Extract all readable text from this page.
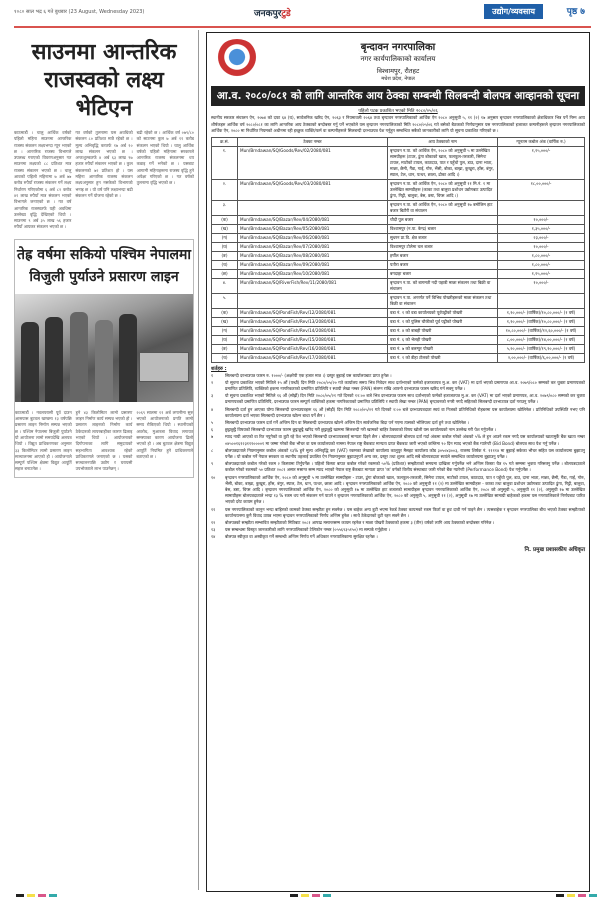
१०८० साल भद्र ६ गते बुधबार (23 August, Wednesday 2023)	जनकपुरटुडे	उद्योग/व्यवसाय	पृष्ठ ७
साउनमा आन्तरिक राजस्वको लक्ष्य भेटिएन
काठमाडौं । चालु आर्थिक वर्षको पहिलो महिना साउनमा आन्तरिक राजस्व संकलन लक्ष्यभन्दा न्यून भएको छ । आन्तरिक राजस्व विभागले उपलब्ध गराएको विवरणअनुसार गत साउनमा लक्ष्यको ८८ प्रतिशत मात्र राजस्व संकलन भएको छ । चालु आवको पहिलो महिनामा ७ अर्ब ७७ करोड रुपैयाँ राजस्व संकलन गर्ने लक्ष्य निर्धारण गरिएकोमा ६ अर्ब ८२ करोड ४१ लाख रुपैयाँ मात्र संकलन भएको विभागले जनाएको छ । गत वर्ष आन्तरिक राजस्वतर्फ यही अवधिमा उल्लेख्य वृद्धि देखिएको थियो । साउनमा ९ अर्ब ३५ लाख ५६ हजार रुपैयाँ आयकर संकलन भएको छ ।
गत वर्षको तुलनामा यस अवधिको संकलन ८० प्रतिशत मात्रै रहेको छ । मूल्य अभिवृद्धि करतर्फ १७ अर्ब १० लाख संकलन भएको छ । अन्तःशुल्कतर्फ ४ अर्ब ६३ लाख ९७ हजार रुपैयाँ संकलन भएको छ । कुल संकलनको ७२ प्रतिशत हो । यस महिना आन्तरिक राजस्व संकलन लक्ष्यअनुसार हुन नसकेको विभागको भनाइ छ । यो वर्ष पनि लक्ष्यभन्दा बढी संकलन गर्ने योजना रहेको छ ।
बढी रहेको छ । आर्थिक वर्ष ०७९/८० को साउनमा कुल ७ अर्ब ११ करोड संकलन भएको थियो । चालु आर्थिक वर्षको पहिलो महिनामा सरकारले आन्तरिक राजस्व संकलनमा थप कडाइ गर्ने भनेको छ । यसबाट आगामी महिनाहरूमा राजस्व वृद्धि हुने अपेक्षा गरिएको छ । गत वर्षको तुलनामा वृद्धि भएको छ ।
तेह्र वर्षमा सकियो पश्चिम नेपालमा विजुली पुर्याउने प्रसारण लाइन
काठमाडौं । नवलपरासी पूर्व दाउन आसपास बुटवल खण्डमा १३ वर्षपछि प्रसारण लाइन निर्माण सम्पन्न भएको छ । पश्चिम नेपालमा बिजुली पुर्याउने यो आयोजना लामो समयदेखि अलपत्र थियो । विद्युत प्राधिकरणका अनुसार ३३ किलोमिटर लामो प्रसारण लाइन सञ्चालनमा आएको हो । आयोजनाले सम्पूर्ण पश्चिम क्षेत्रमा विद्युत आपूर्ति सहज बनाउनेछ ।
हुने ४३ किलोमिटर लामो प्रसारण लाइन निर्माण कार्य सम्पन्न भएको हो । प्रसारण लाइनको निर्माण कार्य ठेकेदारको लापरबाहीका कारण ढिलाइ भएको थियो । आयोजनाको दिगोपनाका लागि समुदायको सहभागिता आवश्यक रहेको प्राधिकरणले जनाएको छ । यसको सञ्चालनपछि उद्योग र घरायसी उपभोक्ताले लाभ पाउनेछन् ।
२०६९ सालमा ११ अर्ब लगानीमा सुरु भएको आयोजनाको प्रगति लामो समय रोकिएको थियो । स्थानीयको अवरोध, मुआब्जा विवाद लगायत समस्याका कारण आयोजना ढिलो भएको हो । अब बुटवल क्षेत्रमा विद्युत आपूर्ति नियमित हुने प्राधिकरणले बताएको छ ।
बृन्दावन नगरपालिका
नगर कार्यपालिकाको कार्यालय
विश्वामपुर, रौतहट
मधेश प्रदेश, नेपाल
आ.व. २०८०/०८१ को लागि आन्तरिक आय ठेक्का सम्बन्धी सिलबन्दी बोलपत्र आव्हानको सूचना
पहिलो पटक प्रकाशित भएको मिति २०८०/०५/०६
स्थानीय सरकार संचालन ऐन, २०७४ को दफा ६४ (घ), सार्वजनिक खरिद ऐन, २०६३ र नियमावली २०६४ तथा बृन्दावन नगरपालिकाको आर्थिक ऐन २०८० अनुसूची ५, ११ (२) १७ अनुसार बृन्दावन नगरपालिकाको क्षेत्राधिकार भित्र पर्ने निम्न आय शीर्षकहरु आर्थिक वर्ष २०८०/०८१ का लागि आन्तरिक आय ठेक्काको बन्दोबस्त गर्नु पर्ने भएकोले यस बृन्दावन नगरपालिकाको मिति २०८०/०५/०६ गते बसेको बैठकको निर्णयानुसार यस नगरपालिकाको इजाजत कम्पनीहरूले बृन्दावन नगरपालिकाको आर्थिक ऐन, २०८० मा निर्धारित नियमको अधीनमा रही इच्छुक व्यक्ति/फर्म वा कम्पनीहरूले सिलबन्दी दरभाउपत्र पेश गर्नुहुन सम्बन्धित सबैको जानकारीको लागि यो सूचना प्रकाशित गरिएको छ ।
क्र.सं.	ठेक्का नम्बर	आय ठेक्काको नाम	न्यूनतम कबोल अंक (वार्षिक रु.)
१.	Mun/Brndawan/SQ/Goods/Rev/02/2080/081	बृन्दावन न.पा. को आर्थिक ऐन, २०८० को अनुसूची ५ मा उल्लेखित सामग्रीहरू (टाउर, ढुंगा बोकाको खाल, फलफूल-तरकारी, सिमेन्ट टायल, माटोको टायल, काठदाउ, पात र पहुँचो पुल, डाउ, दाना भाता, माछा, छैमी, गैंडा, गाई, गोरु, भैंसी, बोका, बाख्रा, कुखुरा, हाँस, बंगुर, स्याल, टेल, धान, पत्थर, छाला, ढोका आदि ।)	१,१५,०००/-
२.	Mun/Brndawan/SQ/Goods/Rev/03/2080/081	बृन्दावन न.पा. को आर्थिक ऐन, २०८० को अनुसूची ११ मि.नं. १ मा उल्लेखित सामग्रीहरू (काका तथा बालुवा प्रशोधन उद्योगबाट उत्पादित ढुंगा, गिट्टी, बालुवा, बेस, डस्ट, चिप्स आदि ।)	१८,००,०००/-
३.		बृन्दावन न.पा. को आर्थिक ऐन, २०८० को अनुसूची १७ बमोजिम हाट बजार बिटौरी वा संचालन	
(क)	Mun/Brndawan/SQ/Bazar/Rev/04/2080/081	चौदौ पुल बजार	१०,०००/-
(ख)	Mun/Brndawan/SQ/Bazar/Rev/05/2080/081	विश्वामपुर (न.पा. केन्द्र) बजार	१,३५,०००/-
(ग)	Mun/Brndawan/SQ/Bazar/Rev/06/2080/081	सुधरन प्रा.वि. क्षेत्र बजार	२३,०००/-
(घ)	Mun/Brndawan/SQ/Bazar/Rev/07/2080/081	विश्वामपुर टोलेमा चल बजार	१०,०००/-
(ङ)	Mun/Brndawan/SQ/Bazar/Rev/08/2080/081	हर्षौल बजार	१,८०,०००/-
(च)	Mun/Brndawan/SQ/Bazar/Rev/09/2080/081	पतौरा बजार	१,८०,०००/-
(छ)	Mun/Brndawan/SQ/Bazar/Rev/10/2080/081	बगदाहा बजार	१,१५,०००/-
४.	Mun/Brndawan/SQ/RiverFish/Rev/11/2080/081	बृन्दावन न.पा. को बागमती नदी पहाडी माछा संकलन तथा बिक्री वा संचालन	१०,०००/-
५.		बृन्दावन न.पा. अन्तर्गत पर्ने विभिन्न पोखरीहरूको माछा संकलन तथा बिक्री वा संचालन	
(क)	Mun/Brndawan/SQ/PondFish/Rev/12/2080/081	वडा नं. १ को वडा कार्यालयको पूर्वपट्टीको पोखरी	१,१०,०००/- (वार्षिक)/१०,८०,०००/- (१ वर्ष)
(ख)	Mun/Brndawan/SQ/PondFish/Rev/13/2080/081	वडा नं. १ को पुलिस चौकीको पूर्व पट्टीको पोखरी	१,१०,०००/- (वार्षिक)/१०,८०,०००/- (१ वर्ष)
(ग)	Mun/Brndawan/SQ/PondFish/Rev/14/2080/081	वडा नं. ४ को बाबही पोखरी	१०,८०,०००/- (वार्षिक)/१२,६०,०००/- (१ वर्ष)
(घ)	Mun/Brndawan/SQ/PondFish/Rev/15/2080/081	वडा नं. ६ को भेलही पोखरी	८,००,०००/- (वार्षिक)/१४,००,०००/- (१ वर्ष)
(ङ)	Mun/Brndawan/SQ/PondFish/Rev/16/2080/081	वडा नं. ७ को बलम्पुर पोखरी	५,२०,०००/- (वार्षिक)/१९,१०,०००/- (१ वर्ष)
(च)	Mun/Brndawan/SQ/PondFish/Rev/17/2080/081	वडा नं. १ को डीहा टोलको पोखरी	२,००,०००/- (वार्षिक)/६,००,०००/- (१ वर्ष)
शर्तहरु :
१	सिलबन्दी दरभाउपत्र फारम रु. १०००/- (अक्षरेपी एक हजार मात्र ।) दस्तुर बुझाई यस कार्यालयबाट प्राप्त हुनेछ ।
२	यो सूचना प्रकाशित भएको मितिले १५ औं (पन्ध्रौं) दिन मिति २०८०/०५/२० गते कार्यालय समय भित्र निवेदन साथ दर्ताभएको फर्मको इजाजतपत्र मु.अ. कर (VAT) मा दर्ता भएको प्रमाणपत्र आ.व. २०७९/०८० सम्मको कर चुक्ता प्रमाणपत्रको प्रमाणित प्रतिलिपि, व्यक्तिको हकमा नागरिकताको प्रमाणित प्रतिलिपि र स्थायी लेखा नम्बर (PAN) संलग्न राखि आफ्नो दरभाउपत्र फारम खरिद गर्न सक्नु पर्नेछ ।
३	यो सूचना प्रकाशित भएको मितिले १६ औं (सोह्रौं) दिन मिति २०८०/०५/२१ गते दिनको १२:०० बजे भित्र दरभाउपत्र फारम साथ दर्ताभएको फर्मको इजाजतपत्र मु.अ. कर (VAT) मा दर्ता भएको प्रमाणपत्र, आ.व. २०७९/०८० सम्मको कर चुक्ता प्रमाणपत्रको प्रमाणित प्रतिलिपि, दरभाउपत्र फारम सम्पूर्ण व्यक्तिको हकमा नागरिकताको प्रमाणित प्रतिलिपि र स्थायी लेखा नम्बर (PAN) बृन्दावनको नगरी नगदै सहितको सिलबन्दी दरभाउपत्र दर्ता गराउनु पर्नेछ ।
४	सिलबन्दी दर्ता हुन आएका योग्य सिलबन्दी दरभाउपत्रहरू १६ औं (सोह्रौं) दिन मिति २०८०/०५/२१ गते दिनको २:०० बजे दरभाउपत्रदाता स्वयं वा निजको प्रतिनिधिको रोहबरमा यस कार्यालयमा खोलिनेछ । प्रतिनिधिको उपस्थिति नभए पनि कार्यालयमा दर्ता भएका सिलबन्दी दरभाउपत्र खोल्न बाधा पर्ने छैन ।
५	सिलबन्दी दरभाउपत्र फारम दर्ता गर्ने अन्तिम दिन वा सिलबन्दी दरभाउपत्र खोल्ने अन्तिम दिन सार्वजनिक बिदा पर्न गएमा त्यसको भोलिपल्ट दर्ता हुने तथा खोलिनेछ ।
६	छुट्टाछुट्टै विषयको सिलबन्दी दरभाउपत्र फारम छुट्टाछुट्टै खरिद गरी छुट्टाछुट्टै खाममा सिलबन्दी गरी खामको बाहिर ठेक्काको विषय खोली यस कार्यालयको नाम उल्लेख गरी पेश गर्नुपर्नेछ ।
७	म्याद नाघी आएको वा रित नपुगेको वा त्रुटी रहे पेश भएको सिलबन्दी दरभाउपत्रलाई मान्यता दिइने छैन । बोलपत्रदाताले बोलपत्र दर्ता गर्दा अंकमा कबोल गरेको अंकको ५% ले हुन आउने रकम नगदै यस कार्यालयको खातामुर्कै बैंक खाता नम्बर ०४५००१६१२३१११००००१ मा जम्मा गरेको बैंक भौचर वा यस कार्यालयको नाममा नेपाल राष्ट्र बैंकबाट मान्यता प्राप्त बैंकबाट जारी भएको कम्तिमा ९० दिन म्याद भएको बैंक ग्यारेन्टी (Bid Bond) बोलपत्र साथ पेश गर्नु पर्नेछ ।
८	बोलपत्रदाताले नियमानुसार कबोल अंकको १३% हुने मूल्य अभिवृद्धि कर (VAT) रकमका लेखाको कार्यालय कालुपुर मैसहट कार्यालय कोड ३०५०४३००३, राजस्व शिर्षक नं. ११११४ मा बुझाई सकेका भौचर सहित यस कार्यालयमा बुझाउनु पर्नेछ । यो कबोल गर्ने नेपाल सरकार वा स्थानीय तहलाई प्रचलित ऐन नियमानुसार बुझाउनुपर्ने अन्य कर, दस्तुर तथा शुल्क आदि सबै बोलपत्रदाता स्वयंले सम्बन्धित कार्यालयमा बुझाउनु पर्नेछ ।
९	बोलपत्रदाताले कबोल गरेको रकम २ किस्तामा तिर्नुपर्नेछ । पहिलो किस्ता बापत कबोल गरेको रकमको ५०% (प्रतिशत) सम्झौताको समयमा दाखिला गर्नुपर्नेछ भने अन्तिम किस्ता चैत्र १५ गते सम्ममा भुक्ता गरिसक्नु पर्नेछ । बोलपत्रदाताले कबोल गरेको रकमको ५० प्रतिशत २०८१ असार मसान्त सम्म म्याद भएको नेपाल राष्ट्र बैंकबाट मान्यता प्राप्त 'क' वर्गको वित्तीय संस्थाबाट जारी गरेको बैंक ग्यारेन्टी (Performance Bond) पेश गर्नुपर्नेछ ।
१०	बृन्दावन नगरपालिकाको आर्थिक ऐन, २०८० को अनुसूची ५ मा उल्लेखित सामग्रीहरू - टाउर, ढुंगा बोकाको खाल, फलफूल-तरकारी, सिमेन्ट टायल, माटोको टायल, काठदाउ, पात र पहुँचो पुल, डाउ, दाना भाता, माछा, छैमी, गैंडा, गाई, गोरु, भैंसी, बोका, बाख्रा, कुखुरा, हाँस, बंगुर, स्याल, टेल, धान, पत्थर, छाला आदि । बृन्दावन नगरपालिकाको आर्थिक ऐन, २०८० को अनुसूची ११ (२) मा उल्लेखित सामग्रीहरू - काका तथा बालुवा प्रशोधन उद्योगबाट उत्पादित ढुंगा, गिट्टी, बालुवा, बेस, डस्ट, चिप्स आदि । बृन्दावन नगरपालिकाको आर्थिक ऐन, २०८० को अनुसूची १७ मा उल्लेखित हाट बजारको सामाग्रीहरू बृन्दावन नगरपालिकाको आर्थिक ऐन, २०८० को अनुसूची ५, अनुसूची ११ (२), अनुसूची १७ मा उल्लेखित सामाग्रीहरू बोलपत्रदाताले भन्दा १३ % रकम थप गरी संकलन गर्न पाउने र बृन्दावन नगरपालिकाको आर्थिक ऐन, २०८० को अनुसूची ५, अनुसूची ११ (२), अनुसूची १७ मा उल्लेखित सामाग्री बाहेकको हकमा यस नगरपालिकाले निर्णयबाट पारित भएको दरेट कायम हुनेछ ।
११	यस नगरपालिकाको कानुन भन्दा बाहिरको कामको ठेक्का सम्झौता हुन सक्नेछ । यस बाहेक अन्य त्रुटी भएमा रेकर्ड ठेक्का कायमको रकम फिर्ता वा छुट दावी गर्न पाइने छैन । त्यसबाहेक र बृन्दावन नगरपालिका बीच भएको ठेक्का सम्झौताको कार्यान्वयनमा कुनै विवाद उत्पन्न भएमा बृन्दावन नगरपालिकाको निर्णय अन्तिम हुनेछ । साथै ठेकेदारको त्रुटी रहन सक्ने छैन ।
१२	बोलपत्रको सम्झौता सम्भावित सम्झौताको मितिबाट २०८१ आषाढ मसान्तसम्म कायम रहनेछ र माछा पोखरी ठेक्काको हकमा ३ (तीन) वर्षको लागि आय ठेक्काको बन्दोबस्त गरिनेछ ।
१३	यस सम्बन्धमा विस्तृत जानकारीको लागि नगरपालिकाको टेलिफोन नम्बर (०५५६९३५१५०) मा सम्पर्क गर्नुहोला ।
१४	बोलपत्र स्वीकृत वा अस्वीकृत गर्ने सम्बन्धी अन्तिम निर्णय गर्ने अधिकार नगरपालिकामा सुरक्षित रहनेछ ।
नि. प्रमुख प्रशासकीय अधिकृत
